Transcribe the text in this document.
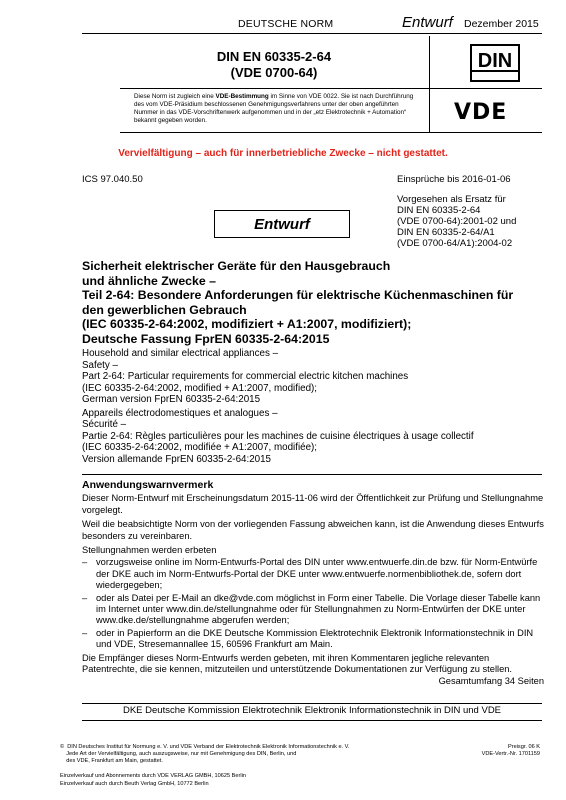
DEUTSCHE NORM	Entwurf Dezember 2015
DIN EN 60335-2-64
(VDE 0700-64)
DIN
VDE
Diese Norm ist zugleich eine VDE-Bestimmung im Sinne von VDE 0022. Sie ist nach Durchführung des vom VDE-Präsidium beschlossenen Genehmigungsverfahrens unter der oben angeführten Nummer in das VDE-Vorschriftenwerk aufgenommen und in der „etz Elektrotechnik + Automation“ bekannt gegeben worden.
Vervielfältigung – auch für innerbetriebliche Zwecke – nicht gestattet.
ICS 97.040.50	Einsprüche bis 2016-01-06
Vorgesehen als Ersatz für
DIN EN 60335-2-64
(VDE 0700-64):2001-02 und
DIN EN 60335-2-64/A1
(VDE 0700-64/A1):2004-02
Entwurf
Sicherheit elektrischer Geräte für den Hausgebrauch
und ähnliche Zwecke –
Teil 2-64: Besondere Anforderungen für elektrische Küchenmaschinen für
den gewerblichen Gebrauch
(IEC 60335-2-64:2002, modifiziert + A1:2007, modifiziert);
Deutsche Fassung FprEN 60335-2-64:2015
Household and similar electrical appliances –
Safety –
Part 2-64: Particular requirements for commercial electric kitchen machines
(IEC 60335-2-64:2002, modified + A1:2007, modified);
German version FprEN 60335-2-64:2015
Appareils électrodomestiques et analogues –
Sécurité –
Partie 2-64: Règles particulières pour les machines de cuisine électriques à usage collectif
(IEC 60335-2-64:2002, modifiée + A1:2007, modifiée);
Version allemande FprEN 60335-2-64:2015
Anwendungswarnvermerk

Dieser Norm-Entwurf mit Erscheinungsdatum 2015-11-06 wird der Öffentlichkeit zur Prüfung und Stellungnahme vorgelegt.

Weil die beabsichtigte Norm von der vorliegenden Fassung abweichen kann, ist die Anwendung dieses Entwurfs besonders zu vereinbaren.

Stellungnahmen werden erbeten

– vorzugsweise online im Norm-Entwurfs-Portal des DIN unter www.entwuerfe.din.de bzw. für Norm-Entwürfe der DKE auch im Norm-Entwurfs-Portal der DKE unter www.entwuerfe.normenbibliothek.de, sofern dort wiedergegeben;
– oder als Datei per E-Mail an dke@vde.com möglichst in Form einer Tabelle. Die Vorlage dieser Tabelle kann im Internet unter www.din.de/stellungnahme oder für Stellungnahmen zu Norm-Entwürfen der DKE unter www.dke.de/stellungnahme abgerufen werden;
– oder in Papierform an die DKE Deutsche Kommission Elektrotechnik Elektronik Informationstechnik in DIN und VDE, Stresemannallee 15, 60596 Frankfurt am Main.

Die Empfänger dieses Norm-Entwurfs werden gebeten, mit ihren Kommentaren jegliche relevanten Patentrechte, die sie kennen, mitzuteilen und unterstützende Dokumentationen zur Verfügung zu stellen.

Gesamtumfang 34 Seiten
DKE Deutsche Kommission Elektrotechnik Elektronik Informationstechnik in DIN und VDE
©  DIN Deutsches Institut für Normung e. V. und VDE Verband der Elektrotechnik Elektronik Informationstechnik e. V.
Jede Art der Vervielfältigung, auch auszugsweise, nur mit Genehmigung des DIN, Berlin, und
des VDE, Frankfurt am Main, gestattet.
Preisgr. 06 K
VDE-Vertr.-Nr. 1701159
Einzelverkauf und Abonnements durch VDE VERLAG GMBH, 10625 Berlin
Einzelverkauf auch durch Beuth Verlag GmbH, 10772 Berlin
